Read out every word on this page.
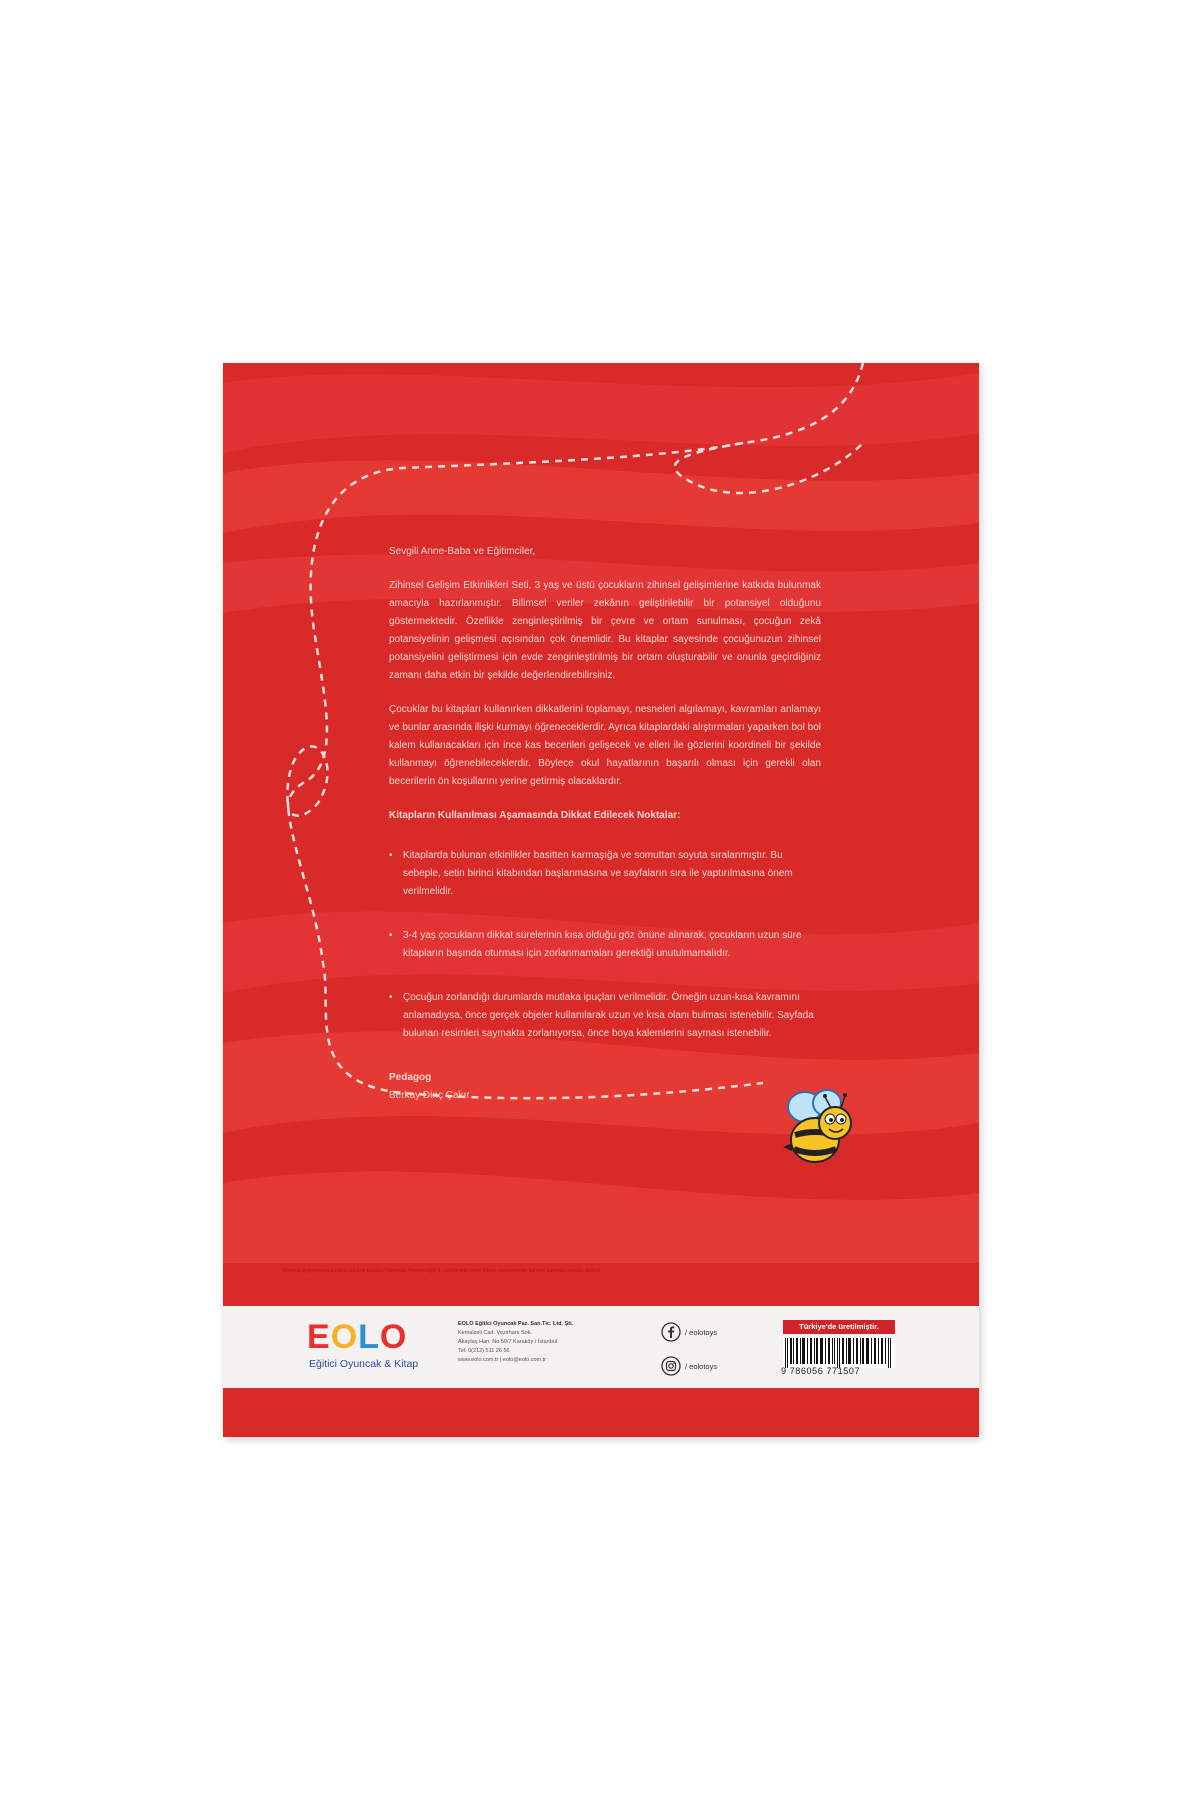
Sevgili Anne-Baba ve Eğitimciler,

Zihinsel Gelişim Etkinlikleri Seti, 3 yaş ve üstü çocukların zihinsel gelişimlerine katkıda bulunmak amacıyla hazırlanmıştır. Bilimsel veriler zekânın geliştirilebilir bir potansiyel olduğunu göstermektedir. Özellikle zenginleştirilmiş bir çevre ve ortam sunulması, çocuğun zekâ potansiyelinin gelişmesi açısından çok önemlidir. Bu kitaplar sayesinde çocuğunuzun zihinsel potansiyelini geliştirmesi için evde zenginleştirilmiş bir ortam oluşturabilir ve onunla geçirdiğiniz zamanı daha etkin bir şekilde değerlendirebilirsiniz.

Çocuklar bu kitapları kullanırken dikkatlerini toplamayı, nesneleri algılamayı, kavramları anlamayı ve bunlar arasında ilişki kurmayı öğreneceklerdir. Ayrıca kitaplardaki alıştırmaları yaparken bol bol kalem kullanacakları için ince kas becerileri gelişecek ve elleri ile gözlerini koordineli bir şekilde kullanmayı öğrenebileceklerdir. Böylece okul hayatlarının başarılı olması için gerekli olan becerilerin ön koşullarını yerine getirmiş olacaklardır.

Kitapların Kullanılması Aşamasında Dikkat Edilecek Noktalar:
• Kitaplarda bulunan etkinlikler basitten karmaşığa ve somuttan soyuta sıralanmıştır. Bu sebeple, setin birinci kitabından başlanmasına ve sayfaların sıra ile yaptırılmasına önem verilmelidir.
• 3-4 yaş çocukların dikkat sürelerinin kısa olduğu göz önüne alınarak, çocukların uzun süre kitapların başında oturması için zorlanmamaları gerektiği unutulmamalıdır.
• Çocuğun zorlandığı durumlarda mutlaka ipuçları verilmelidir. Örneğin uzun-kısa kavramını anlamadıysa, önce gerçek objeler kullanılarak uzun ve kısa olanı bulması istenebilir. Sayfada bulunan resimleri saymakta zorlanıyorsa, önce boya kalemlerini sayması istenebilir.
Pedagog
Berkay Dinç Çakır
Bandrol Uygulamasına İlişkin Usul ve Esaslar Hakkında Yönetmeliğin 5. maddesinin ikinci fıkrası çerçevesinde bandrol taşıması zorunlu değildir.
E O L O
Eğitici Oyuncak & Kitap
EOLO Eğitici Oyuncak Paz. San.Tic. Ltd. Şti.
Kemalzeli Cad. Vezirhanı Sok.
Akaytaş Han. No:50/7 Karaköy / İstanbul
Tel: 0(212) 511 26 56
www.eolo.com.tr | eolo@eolo.com.tr
/ eolotoys
/ eolotoys
Türkiye'de üretilmiştir.
9 786056 771507
